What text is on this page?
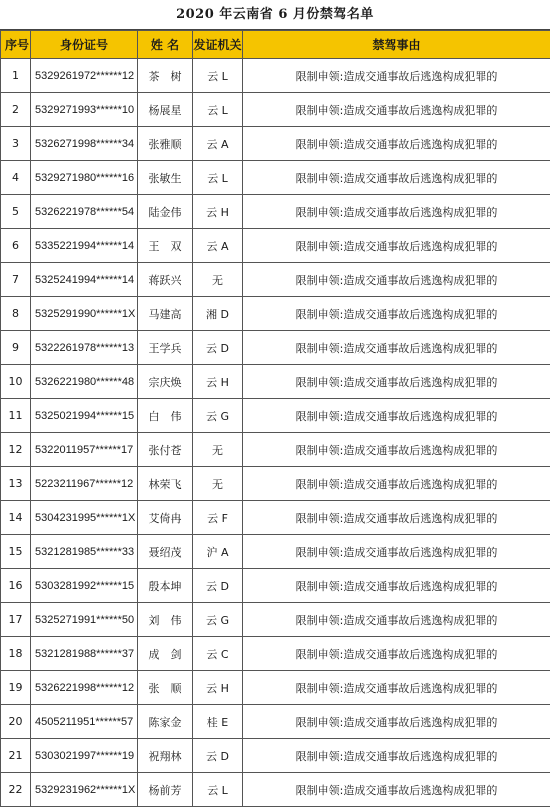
2020 年云南省 6 月份禁驾名单
序号	身份证号	姓 名	发证机关	禁驾事由
1	5329261972******12	茶　树	云 L	限制申领:造成交通事故后逃逸构成犯罪的
2	5329271993******10	杨展星	云 L	限制申领:造成交通事故后逃逸构成犯罪的
3	5326271998******34	张雅顺	云 A	限制申领:造成交通事故后逃逸构成犯罪的
4	5329271980******16	张敏生	云 L	限制申领:造成交通事故后逃逸构成犯罪的
5	5326221978******54	陆金伟	云 H	限制申领:造成交通事故后逃逸构成犯罪的
6	5335221994******14	王　双	云 A	限制申领:造成交通事故后逃逸构成犯罪的
7	5325241994******14	蒋跃兴	无	限制申领:造成交通事故后逃逸构成犯罪的
8	5325291990******1X	马建高	湘 D	限制申领:造成交通事故后逃逸构成犯罪的
9	5322261978******13	王学兵	云 D	限制申领:造成交通事故后逃逸构成犯罪的
10	5326221980******48	宗庆焕	云 H	限制申领:造成交通事故后逃逸构成犯罪的
11	5325021994******15	白　伟	云 G	限制申领:造成交通事故后逃逸构成犯罪的
12	5322011957******17	张付苍	无	限制申领:造成交通事故后逃逸构成犯罪的
13	5223211967******12	林荣飞	无	限制申领:造成交通事故后逃逸构成犯罪的
14	5304231995******1X	艾倚冉	云 F	限制申领:造成交通事故后逃逸构成犯罪的
15	5321281985******33	聂绍茂	沪 A	限制申领:造成交通事故后逃逸构成犯罪的
16	5303281992******15	殷本坤	云 D	限制申领:造成交通事故后逃逸构成犯罪的
17	5325271991******50	刘　伟	云 G	限制申领:造成交通事故后逃逸构成犯罪的
18	5321281988******37	成　剑	云 C	限制申领:造成交通事故后逃逸构成犯罪的
19	5326221998******12	张　顺	云 H	限制申领:造成交通事故后逃逸构成犯罪的
20	4505211951******57	陈家金	桂 E	限制申领:造成交通事故后逃逸构成犯罪的
21	5303021997******19	祝翔林	云 D	限制申领:造成交通事故后逃逸构成犯罪的
22	5329231962******1X	杨前芳	云 L	限制申领:造成交通事故后逃逸构成犯罪的
